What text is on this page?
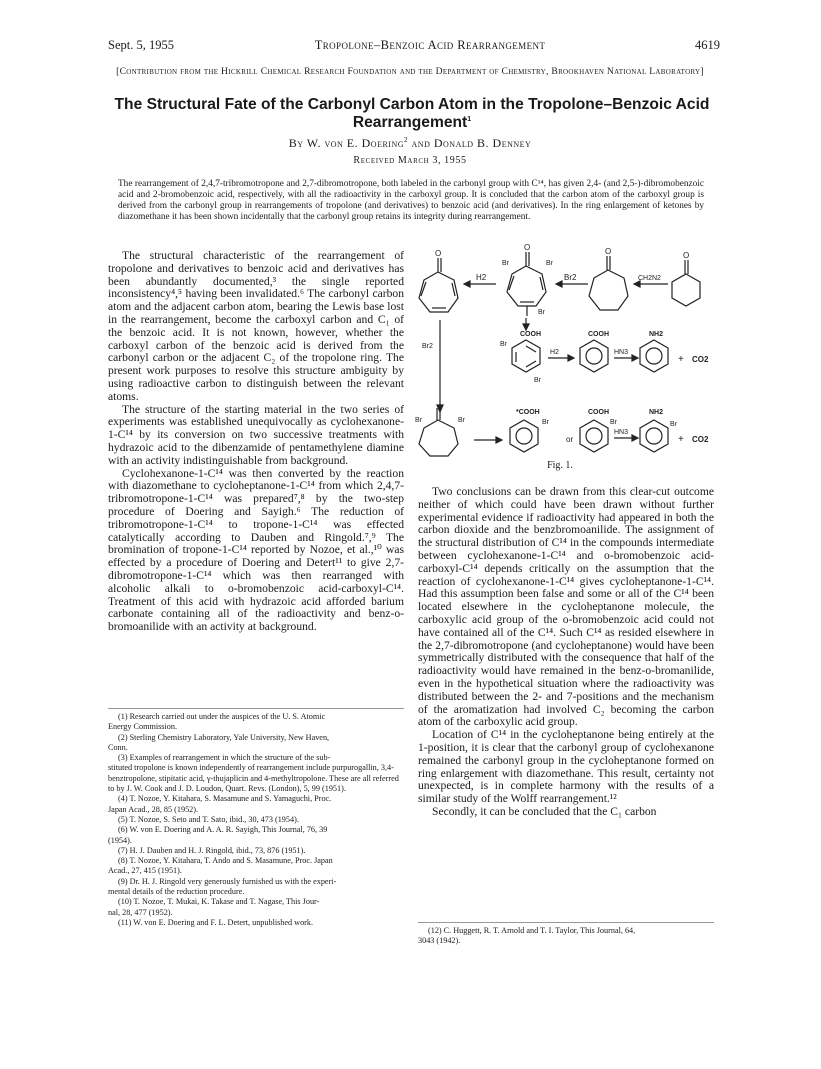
Sept. 5, 1955	Tropolone–Benzoic Acid Rearrangement	4619
[Contribution from the Hickrill Chemical Research Foundation and the Department of Chemistry, Brookhaven National Laboratory]
The Structural Fate of the Carbonyl Carbon Atom in the Tropolone–Benzoic Acid
Rearrangement$^1$
By W. von E. Doering$^2$ and Donald B. Denney
Received March 3, 1955
The rearrangement of 2,4,7-tribromotropone and 2,7-dibromotropone, both labeled in the carbonyl group with C¹⁴, has given 2,4- (and 2,5-)-dibromobenzoic acid and 2-bromobenzoic acid, respectively, with all the radioactivity in the carboxyl group. It is concluded that the carbon atom of the carboxyl group is derived from the carbonyl group in rearrangements of tropolone (and derivatives) to benzoic acid (and derivatives). In the ring enlargement of ketones by diazomethane it has been shown incidentally that the carbonyl group retains its integrity during rearrangement.

The structural characteristic of the rearrangement of tropolone and derivatives to benzoic acid and derivatives has been abundantly documented,³ the single reported inconsistency⁴,⁵ having been invalidated.⁶ The carbonyl carbon atom and the adjacent carbon atom, bearing the Lewis base lost in the rearrangement, become the carboxyl carbon and C₁ of the benzoic acid. It is not known, however, whether the carboxyl carbon of the benzoic acid is derived from the carbonyl carbon or the adjacent C₂ of the tropolone ring. The present work purposes to resolve this structure ambiguity by using radioactive carbon to distinguish between the relevant atoms.

The structure of the starting material in the two series of experiments was established unequivocally as cyclohexanone-1-C¹⁴ by its conversion on two successive treatments with hydrazoic acid to the dibenzamide of pentamethylene diamine with an activity indistinguishable from background.

Cyclohexanone-1-C¹⁴ was then converted by the reaction with diazomethane to cycloheptanone-1-C¹⁴ from which 2,4,7-tribromotropone-1-C¹⁴ was prepared⁷,⁸ by the two-step procedure of Doering and Sayigh.⁶ The reduction of tribromotropone-1-C¹⁴ to tropone-1-C¹⁴ was effected catalytically according to Dauben and Ringold.⁷,⁹ The bromination of tropone-1-C¹⁴ reported by Nozoe, et al.,¹⁰ was effected by a procedure of Doering and Detert¹¹ to give 2,7-dibromotropone-1-C¹⁴ which was then rearranged with alcoholic alkali to o-bromobenzoic acid-carboxyl-C¹⁴. Treatment of this acid with hydrazoic acid afforded barium carbonate containing all of the radioactivity and benz-o-bromoanilide with an activity at background.

(1) Research carried out under the auspices of the U. S. Atomic
Energy Commission.
(2) Sterling Chemistry Laboratory, Yale University, New Haven,
Conn.
(3) Examples of rearrangement in which the structure of the sub-
stituted tropolone is known independently of rearrangement include purpurogallin, 3,4-benztropolone, stipitatic acid, γ-thujaplicin and 4-methyltropolone. These are all referred to by J. W. Cook and J. D. Loudon, Quart. Revs. (London), 5, 99 (1951).
(4) T. Nozoe, Y. Kitahara, S. Masamune and S. Yamaguchi, Proc.
Japan Acad., 28, 85 (1952).
(5) T. Nozoe, S. Seto and T. Sato, ibid., 30, 473 (1954).
(6) W. von E. Doering and A. A. R. Sayigh, This Journal, 76, 39
(1954).
(7) H. J. Dauben and H. J. Ringold, ibid., 73, 876 (1951).
(8) T. Nozoe, Y. Kitahara, T. Ando and S. Masamune, Proc. Japan
Acad., 27, 415 (1951).
(9) Dr. H. J. Ringold very generously furnished us with the experi-
mental details of the reduction procedure.
(10) T. Nozoe, T. Mukai, K. Takase and T. Nagase, This Jour-
nal, 28, 477 (1952).
(11) W. von E. Doering and F. L. Detert, unpublished work.
O
H2
O
Br	Br
Br
Br2
O
CH2N2
O
Br2
COOH
Br
Br
H2
COOH
HN3
NH2
+ CO2
Br	Br
*COOH
Br
or
COOH
Br
HN3
NH2
Br
+ CO2
Fig. 1.

Two conclusions can be drawn from this clear-cut outcome neither of which could have been drawn without further experimental evidence if radioactivity had appeared in both the carbon dioxide and the benzbromoanilide. The assignment of the structural distribution of C¹⁴ in the compounds intermediate between cyclohexanone-1-C¹⁴ and o-bromobenzoic acid-carboxyl-C¹⁴ depends critically on the assumption that the reaction of cyclohexanone-1-C¹⁴ gives cycloheptanone-1-C¹⁴. Had this assumption been false and some or all of the C¹⁴ been located elsewhere in the cycloheptanone molecule, the carboxylic acid group of the o-bromobenzoic acid could not have contained all of the C¹⁴. Such C¹⁴ as resided elsewhere in the 2,7-dibromotropone (and cycloheptanone) would have been symmetrically distributed with the consequence that half of the radioactivity would have remained in the benz-o-bromanilide, even in the hypothetical situation where the radioactivity was distributed between the 2- and 7-positions and the mechanism of the aromatization had involved C₂ becoming the carbon atom of the carboxylic acid group.

Location of C¹⁴ in the cycloheptanone being entirely at the 1-position, it is clear that the carbonyl group of cyclohexanone remained the carbonyl group in the cycloheptanone formed on ring enlargement with diazomethane. This result, certainty not unexpected, is in complete harmony with the results of a similar study of the Wolff rearrangement.¹²

Secondly, it can be concluded that the C₁ carbon

(12) C. Huggett, R. T. Arnold and T. I. Taylor, This Journal, 64,
3043 (1942).
